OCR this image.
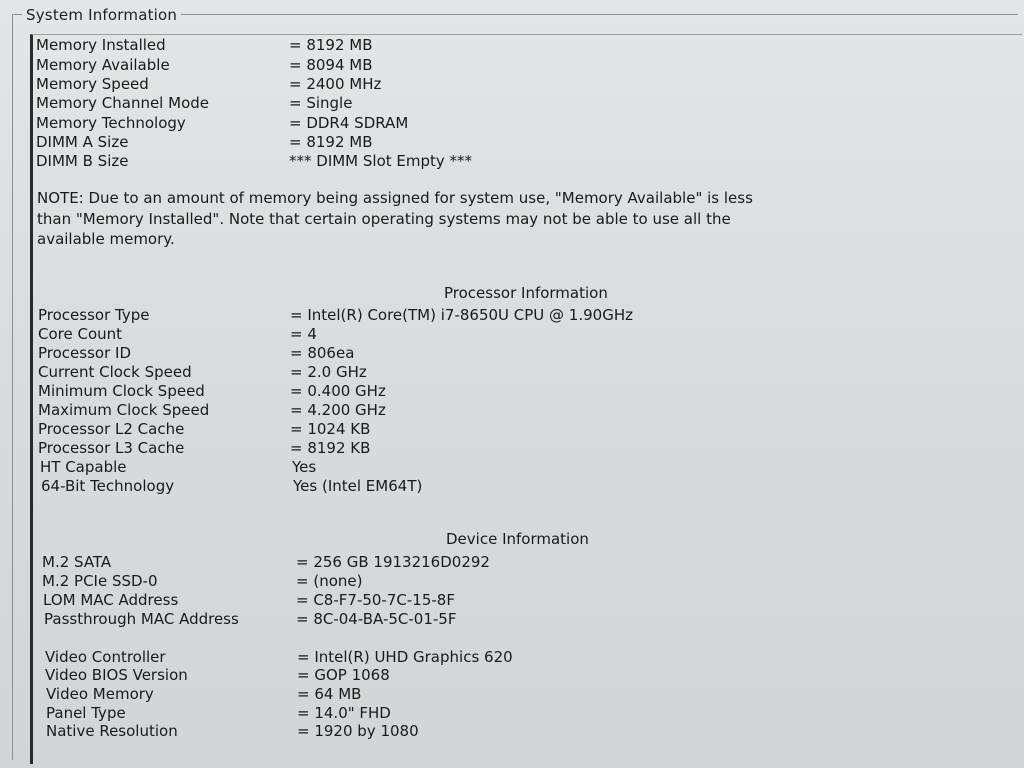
System Information
Memory Installed	= 8192 MB
Memory Available	= 8094 MB
Memory Speed	= 2400 MHz
Memory Channel Mode	= Single
Memory Technology	= DDR4 SDRAM
DIMM A Size	= 8192 MB
DIMM B Size	*** DIMM Slot Empty ***
NOTE: Due to an amount of memory being assigned for system use, "Memory Available" is less
than "Memory Installed". Note that certain operating systems may not be able to use all the
available memory.
Processor Information
Processor Type	= Intel(R) Core(TM) i7-8650U CPU @ 1.90GHz
Core Count	= 4
Processor ID	= 806ea
Current Clock Speed	= 2.0 GHz
Minimum Clock Speed	= 0.400 GHz
Maximum Clock Speed	= 4.200 GHz
Processor L2 Cache	= 1024 KB
Processor L3 Cache	= 8192 KB
HT Capable	Yes
64-Bit Technology	Yes (Intel EM64T)
Device Information
M.2 SATA	= 256 GB 1913216D0292
M.2 PCIe SSD-0	= (none)
LOM MAC Address	= C8-F7-50-7C-15-8F
Passthrough MAC Address	= 8C-04-BA-5C-01-5F
Video Controller	= Intel(R) UHD Graphics 620
Video BIOS Version	= GOP 1068
Video Memory	= 64 MB
Panel Type	= 14.0" FHD
Native Resolution	= 1920 by 1080
